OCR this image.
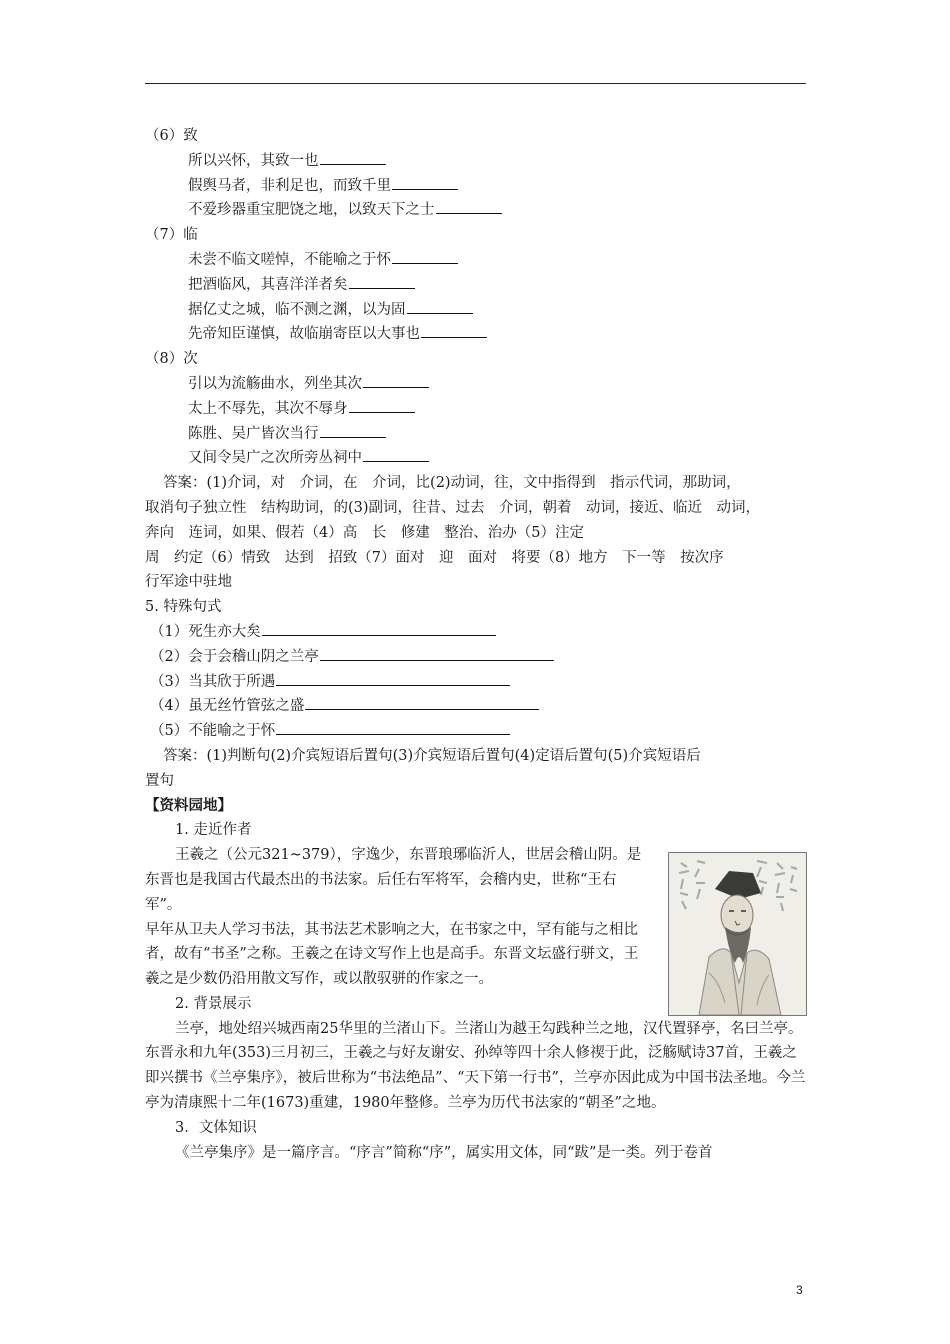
（6）致
所以兴怀，其致一也
假舆马者，非利足也，而致千里
不爱珍器重宝肥饶之地，以致天下之士
（7）临
未尝不临文嗟悼，不能喻之于怀
把酒临风，其喜洋洋者矣
据亿丈之城，临不测之渊，以为固
先帝知臣谨慎，故临崩寄臣以大事也
（8）次
引以为流觞曲水，列坐其次
太上不辱先，其次不辱身
陈胜、吴广皆次当行
又间令吴广之次所旁丛祠中
答案：(1)介词，对　介词，在　介词，比(2)动词，往，文中指得到　指示代词，那助词，
取消句子独立性　结构助词，的(3)副词，往昔、过去　介词，朝着　动词，接近、临近　动词，
奔向　连词，如果、假若（4）高　长　修建　整治、治办（5）注定
周　约定（6）情致　达到　招致（7）面对　迎　面对　将要（8）地方　下一等　按次序
行军途中驻地
5. 特殊句式
（1）死生亦大矣
（2）会于会稽山阴之兰亭
（3）当其欣于所遇
（4）虽无丝竹管弦之盛
（5）不能喻之于怀
答案：(1)判断句(2)介宾短语后置句(3)介宾短语后置句(4)定语后置句(5)介宾短语后
置句
【资料园地】
1. 走近作者
王羲之（公元321~379），字逸少，东晋琅琊临沂人，世居会稽山阴。是东晋也是我国古代最杰出的书法家。后任右军将军，会稽内史，世称“王右军”。
早年从卫夫人学习书法，其书法艺术影响之大，在书家之中，罕有能与之相比者，故有“书圣”之称。王羲之在诗文写作上也是高手。东晋文坛盛行骈文，王羲之是少数仍沿用散文写作，或以散驭骈的作家之一。
2. 背景展示
兰亭，地处绍兴城西南25华里的兰渚山下。兰渚山为越王勾践种兰之地，汉代置驿亭，名曰兰亭。东晋永和九年(353)三月初三，王羲之与好友谢安、孙绰等四十余人修禊于此，泛觞赋诗37首，王羲之即兴撰书《兰亭集序》，被后世称为“书法绝品”、“天下第一行书”，兰亭亦因此成为中国书法圣地。今兰亭为清康熙十二年(1673)重建，1980年整修。兰亭为历代书法家的“朝圣”之地。
3．文体知识
《兰亭集序》是一篇序言。“序言”简称“序”，属实用文体，同“跋”是一类。列于卷首
3
